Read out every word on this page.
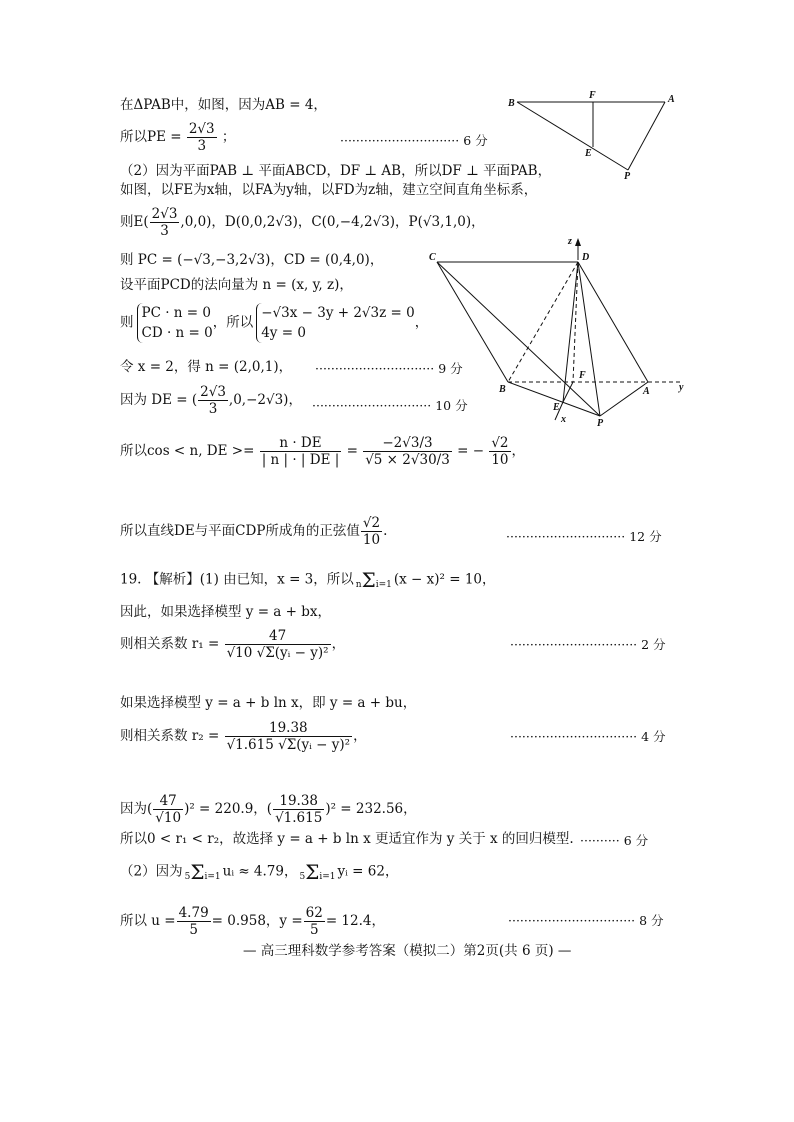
B
F	A
E
P
C	D
z
B
F
A	y
E
x	P
在ΔPAB中，如图，因为AB = 4，
所以PE = $\frac{2√3}{3}$ ；	······························ 6 分
（2）因为平面PAB ⊥ 平面ABCD，DF ⊥ AB，所以DF ⊥ 平面PAB，
如图，以FE为x轴，以FA为y轴，以FD为z轴，建立空间直角坐标系，
则$E( \frac{2√3}{3} ,0,0)$，D(0,0,2√3)，C(0,−4,2√3)，P(√3,1,0)，
则 PC = (−√3,−3,2√3)，CD = (0,4,0)，
设平面PCD的法向量为 n = (x, y, z)，
则
PC · n = 0
CD · n = 0
，所以
−√3x − 3y + 2√3z = 0
4y = 0
，
令 x = 2，得 n = (2,0,1)， ······························ 9 分
因为 DE = ( $\frac{2√3}{3} ,0,-2√3$)， ······························ 10 分
所以cos < n, DE >= $\frac{n \cdot DE}{| n | \cdot | DE |} = \frac{-2√3/3}{√5 \times 2√30/3}$ = − $\frac{√2}{10}$ ，
所以直线DE与平面CDP所成角的正弦值 $\frac{√2}{10}$ .	······························ 12 分
19. 【解析】(1) 由已知，x = 3，所以 nΣi=1 (x − x)² = 10，
因此，如果选择模型 y = a + bx，
则相关系数 $r_1 = \frac{47}{\text{√10 √Σ(yᵢ − y)²}}$ ，	································ 2 分
如果选择模型 y = a + b ln x，即 y = a + bu，
则相关系数 $r_2 = \frac{19.38}{\text{√1.615 √Σ(yᵢ − y)²}}$ ，	································ 4 分
因为( $\frac{47}{√10} )^2 = 220.9$，( $\frac{19.38}{√1.615} )^2 = 232.56$，
所以0 < r₁ < r₂，故选择 y = a + b ln x 更适宜作为 y 关于 x 的回归模型. ·········· 6 分
（2）因为 5Σi=1 uᵢ ≈ 4.79， 5Σi=1 yᵢ = 62，
所以 $u = \frac{4.79}{5} = 0.958$，$y = \frac{62}{5} = 12.4$，	································ 8 分
— 高三理科数学参考答案（模拟二）第2页(共 6 页) —
